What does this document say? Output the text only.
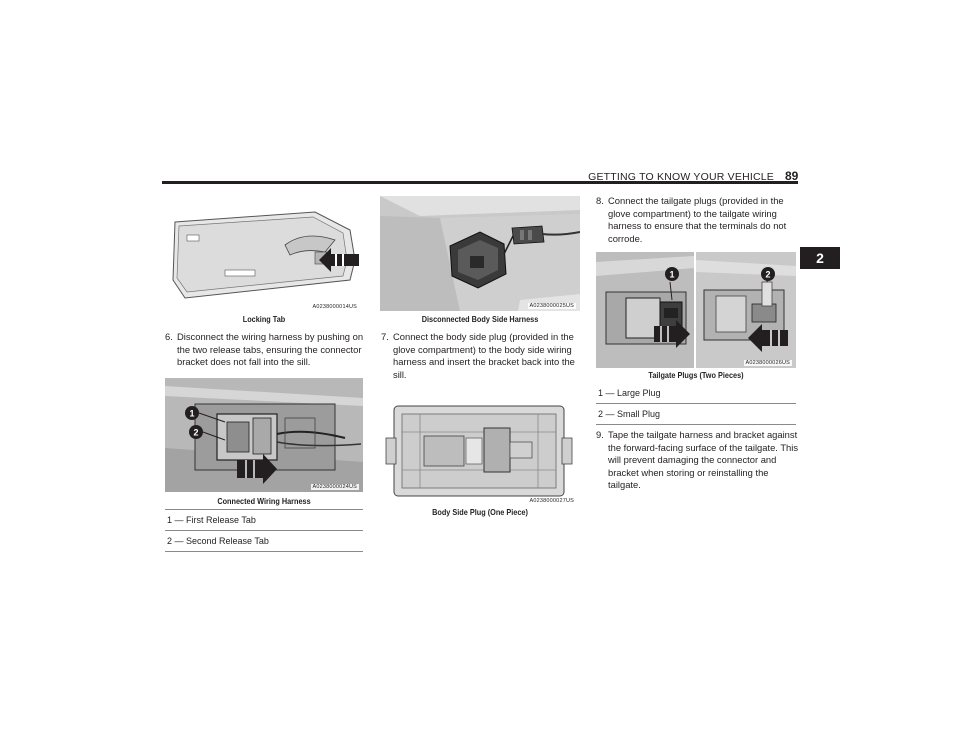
GETTING TO KNOW YOUR VEHICLE 89
2
A0238000014US
Locking Tab
6. Disconnect the wiring harness by pushing on the two release tabs, ensuring the connector bracket does not fall into the sill.
1
2
A0238000024US
Connected Wiring Harness
1 — First Release Tab
2 — Second Release Tab
A0238000025US
Disconnected Body Side Harness
7. Connect the body side plug (provided in the glove compartment) to the body side wiring harness and insert the bracket back into the sill.
A0238000027US
Body Side Plug (One Piece)
8. Connect the tailgate plugs (provided in the glove compartment) to the tailgate wiring harness to ensure that the terminals do not corrode.
1	2
A0238000026US
Tailgate Plugs (Two Pieces)
1 — Large Plug
2 — Small Plug
9. Tape the tailgate harness and bracket against the forward-facing surface of the tailgate. This will prevent damaging the connector and bracket when storing or reinstalling the tailgate.
